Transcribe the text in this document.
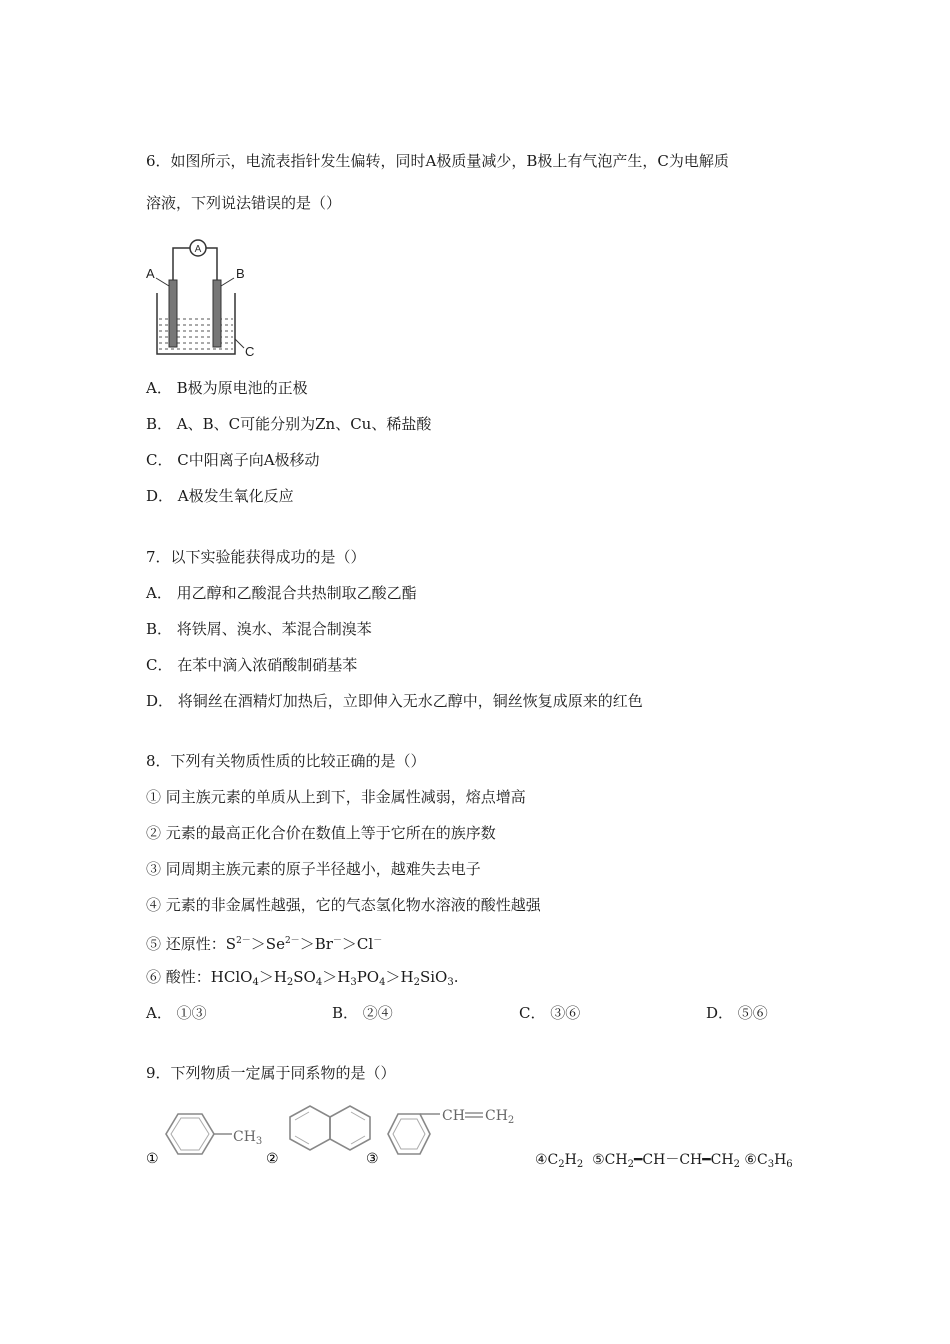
6．如图所示，电流表指针发生偏转，同时A极质量减少，B极上有气泡产生，C为电解质
溶液，下列说法错误的是（）
A
A	B
C
A． B极为原电池的正极
B． A、B、C可能分别为Zn、Cu、稀盐酸
C． C中阳离子向A极移动
D． A极发生氧化反应
7．以下实验能获得成功的是（）
A． 用乙醇和乙酸混合共热制取乙酸乙酯
B． 将铁屑、溴水、苯混合制溴苯
C． 在苯中滴入浓硝酸制硝基苯
D． 将铜丝在酒精灯加热后，立即伸入无水乙醇中，铜丝恢复成原来的红色
8．下列有关物质性质的比较正确的是（）
① 同主族元素的单质从上到下，非金属性减弱，熔点增高
② 元素的最高正化合价在数值上等于它所在的族序数
③ 同周期主族元素的原子半径越小，越难失去电子
④ 元素的非金属性越强，它的气态氢化物水溶液的酸性越强
⑤ 还原性：$S^{2-}>Se^{2-}>Br^->Cl^-$
⑥ 酸性：$HClO_4>H_2SO_4>H_3PO_4>H_2SiO_3$.
A． ①③	B． ②④	C． ③⑥	D． ⑤⑥
9．下列物质一定属于同系物的是（）
①
$CH_3$
②	③
CH $CH_2$
$④C_2H_2$  $⑤CH_2━CH-CH━CH_2$ $⑥C_3H_6$
